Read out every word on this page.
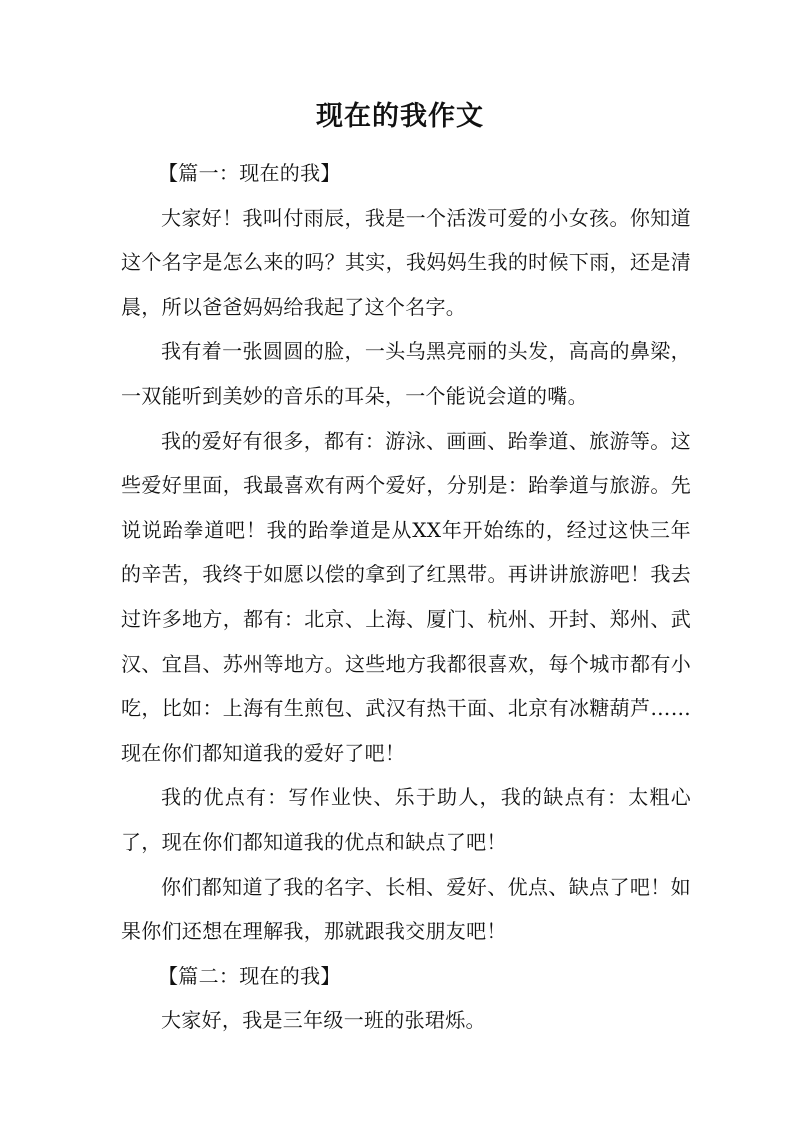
现在的我作文

【篇一：现在的我】

大家好！我叫付雨辰，我是一个活泼可爱的小女孩。你知道这个名字是怎么来的吗？其实，我妈妈生我的时候下雨，还是清晨，所以爸爸妈妈给我起了这个名字。

我有着一张圆圆的脸，一头乌黑亮丽的头发，高高的鼻梁，一双能听到美妙的音乐的耳朵，一个能说会道的嘴。

我的爱好有很多，都有：游泳、画画、跆拳道、旅游等。这些爱好里面，我最喜欢有两个爱好，分别是：跆拳道与旅游。先说说跆拳道吧！我的跆拳道是从XX年开始练的，经过这快三年的辛苦，我终于如愿以偿的拿到了红黑带。再讲讲旅游吧！我去过许多地方，都有：北京、上海、厦门、杭州、开封、郑州、武汉、宜昌、苏州等地方。这些地方我都很喜欢，每个城市都有小吃，比如：上海有生煎包、武汉有热干面、北京有冰糖葫芦……现在你们都知道我的爱好了吧！

我的优点有：写作业快、乐于助人，我的缺点有：太粗心了，现在你们都知道我的优点和缺点了吧！

你们都知道了我的名字、长相、爱好、优点、缺点了吧！如果你们还想在理解我，那就跟我交朋友吧！

【篇二：现在的我】

大家好，我是三年级一班的张珺烁。
